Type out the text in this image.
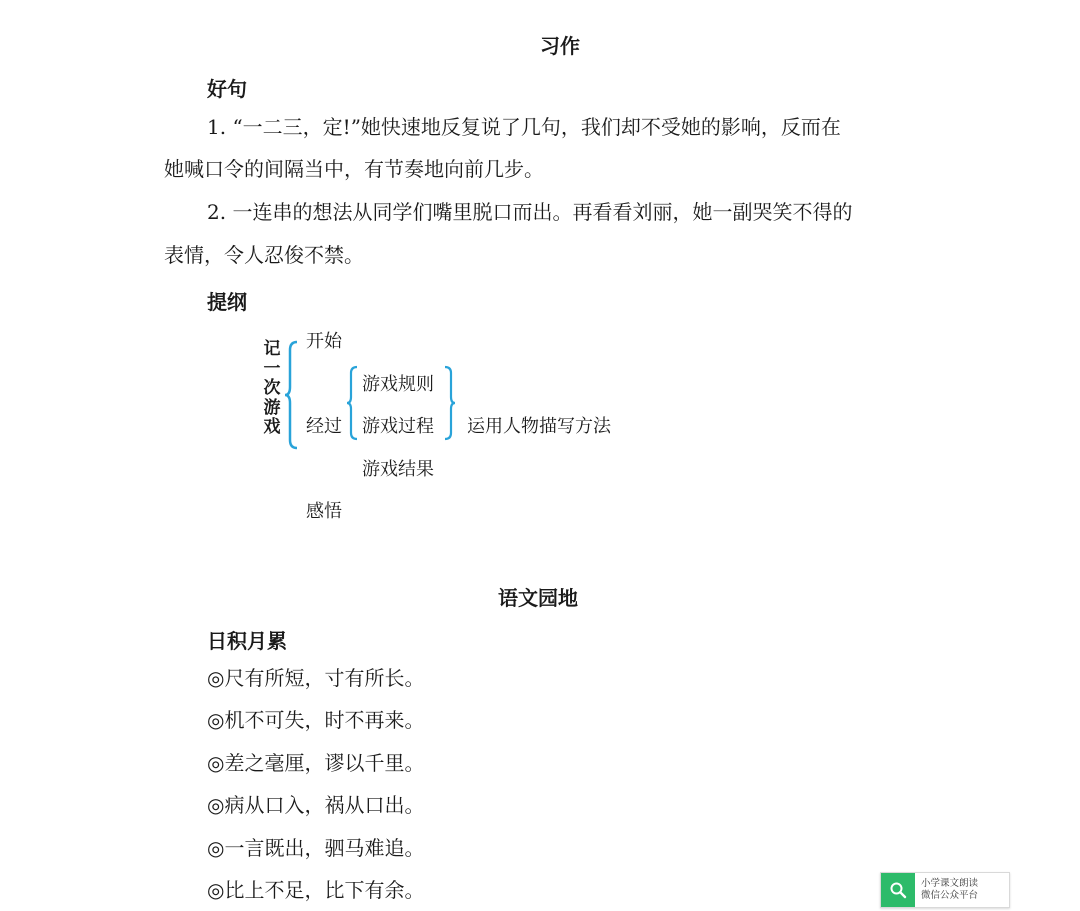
习作
好句
1. “一二三，定!”她快速地反复说了几句，我们却不受她的影响，反而在
她喊口令的间隔当中，有节奏地向前几步。
2. 一连串的想法从同学们嘴里脱口而出。再看看刘丽，她一副哭笑不得的
表情，令人忍俊不禁。
提纲
记一次游戏
开始
经过
游戏规则
游戏过程 运用人物描写方法
游戏结果
感悟
语文园地
日积月累
◎尺有所短，寸有所长。
◎机不可失，时不再来。
◎差之毫厘，谬以千里。
◎病从口入，祸从口出。
◎一言既出，驷马难追。
◎比上不足，比下有余。	小学课文朗读
微信公众平台
